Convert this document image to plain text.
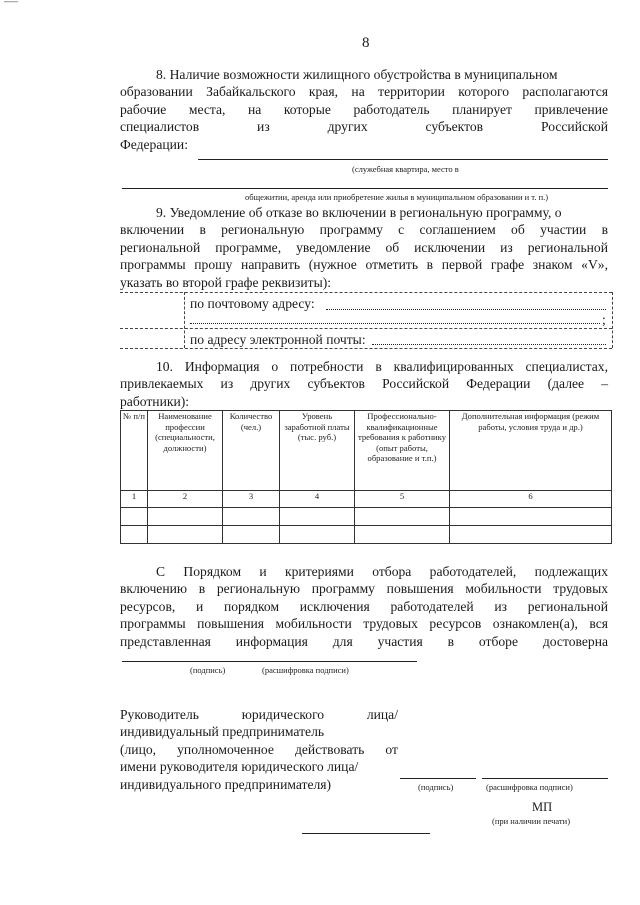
—
8
8. Наличие возможности жилищного обустройства в муниципальном
образовании Забайкальского края, на территории которого располагаются
рабочие места, на которые работодатель планирует привлечение
специалистов из других субъектов Российской
Федерации:
(служебная квартира, место в
общежитии, аренда или приобретение жилья в муниципальном образовании и т. п.)
9. Уведомление об отказе во включении в региональную программу, о
включении в региональную программу с соглашением об участии в
региональной программе, уведомление об исключении из региональной
программы прошу направить (нужное отметить в первой графе знаком «V»,
указать во второй графе реквизиты):
по почтовому адресу:
;
по адресу электронной почты:
10. Информация о потребности в квалифицированных специалистах,
привлекаемых из других субъектов Российской Федерации (далее –
работники):
№ п/п	Наименование профессии (специальности, должности)	Количество (чел.)	Уровень заработной платы (тыс. руб.)	Профессионально-квалификационные требования к работнику (опыт работы, образование и т.п.)	Дополнительная информация (режим работы, условия труда и др.)
1	2	3	4	5	6

С Порядком и критериями отбора работодателей, подлежащих
включению в региональную программу повышения мобильности трудовых
ресурсов, и порядком исключения работодателей из региональной
программы повышения мобильности трудовых ресурсов ознакомлен(а), вся
представленная информация для участия в отборе достоверна
(подпись)	(расшифровка подписи)
Руководитель юридического лица/
индивидуальный предприниматель
(лицо, уполномоченное действовать от
имени руководителя юридического лица/
индивидуального предпринимателя)	(подпись)	(расшифровка подписи)
МП
(при наличии печати)
